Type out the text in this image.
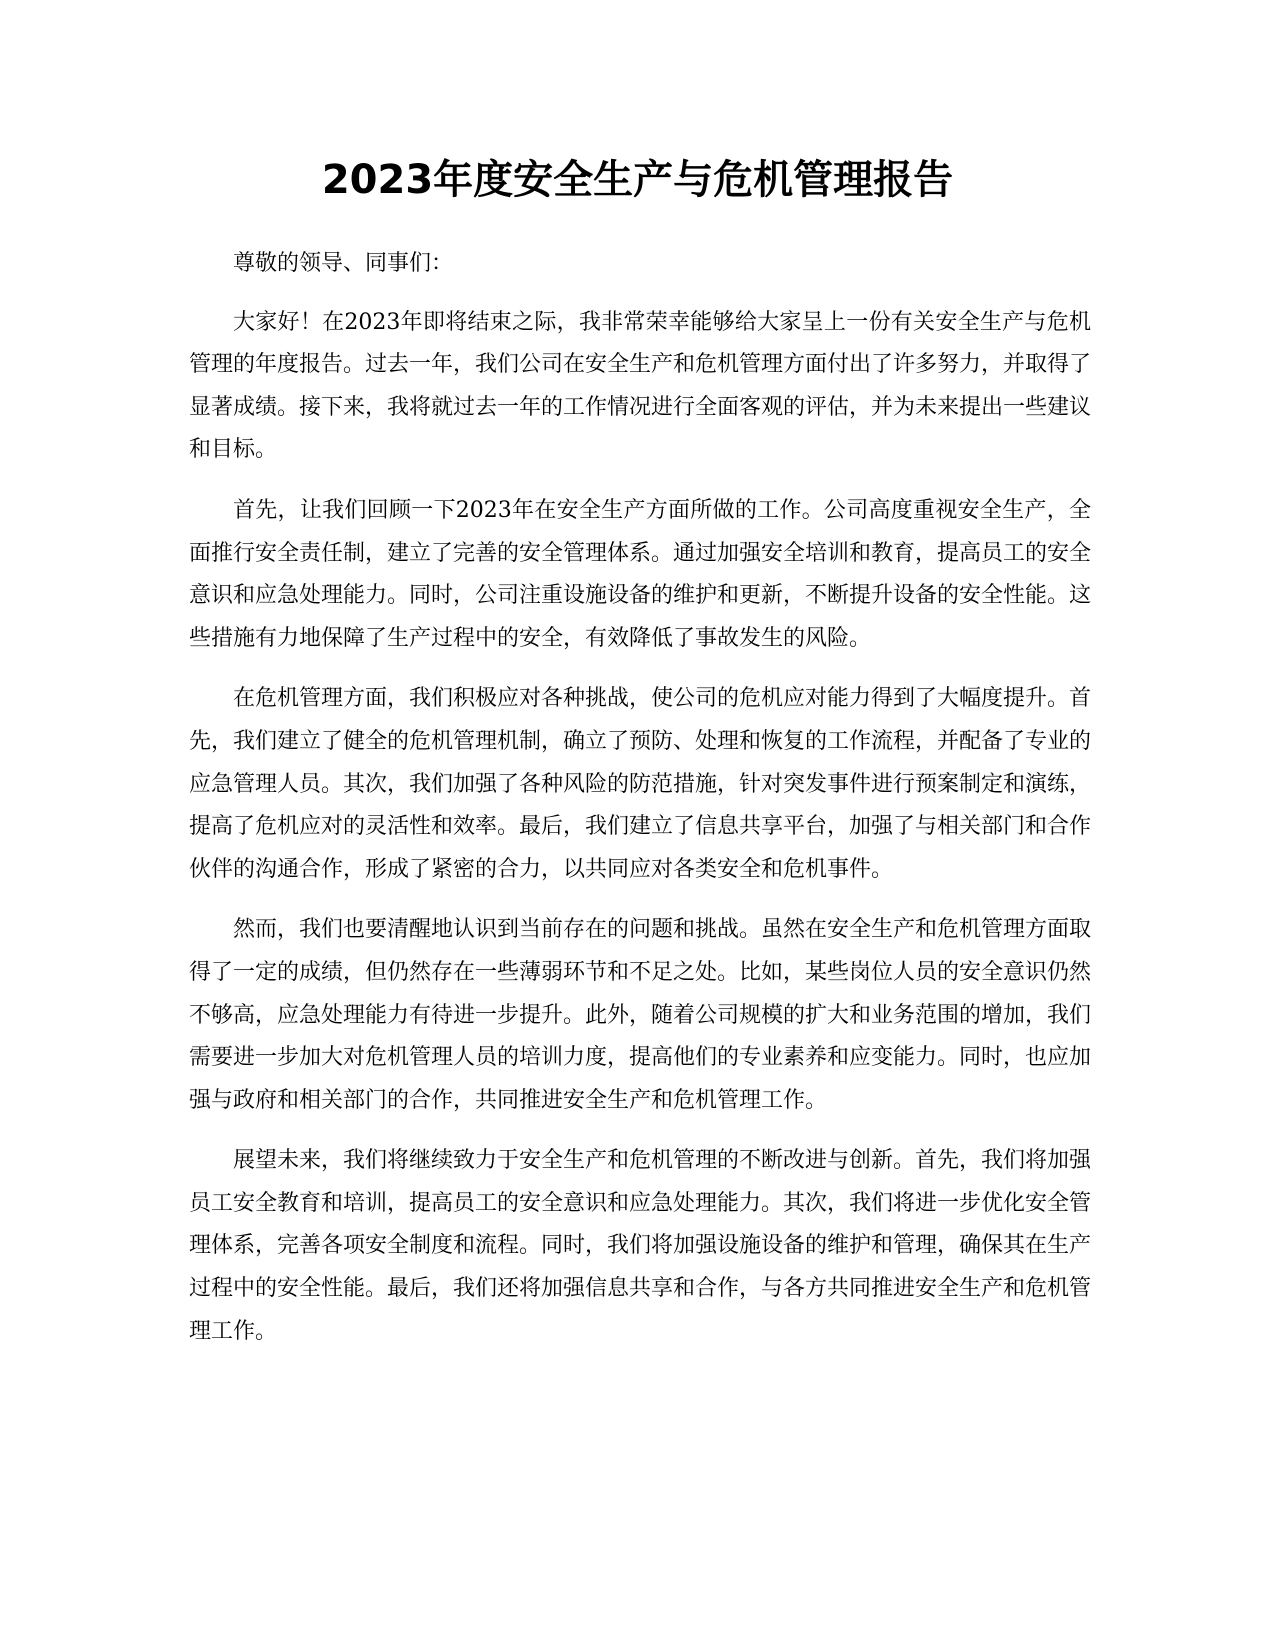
2023年度安全生产与危机管理报告

尊敬的领导、同事们：

大家好！在2023年即将结束之际，我非常荣幸能够给大家呈上一份有关安全生产与危机管理的年度报告。过去一年，我们公司在安全生产和危机管理方面付出了许多努力，并取得了显著成绩。接下来，我将就过去一年的工作情况进行全面客观的评估，并为未来提出一些建议和目标。

首先，让我们回顾一下2023年在安全生产方面所做的工作。公司高度重视安全生产，全面推行安全责任制，建立了完善的安全管理体系。通过加强安全培训和教育，提高员工的安全意识和应急处理能力。同时，公司注重设施设备的维护和更新，不断提升设备的安全性能。这些措施有力地保障了生产过程中的安全，有效降低了事故发生的风险。

在危机管理方面，我们积极应对各种挑战，使公司的危机应对能力得到了大幅度提升。首先，我们建立了健全的危机管理机制，确立了预防、处理和恢复的工作流程，并配备了专业的应急管理人员。其次，我们加强了各种风险的防范措施，针对突发事件进行预案制定和演练，提高了危机应对的灵活性和效率。最后，我们建立了信息共享平台，加强了与相关部门和合作伙伴的沟通合作，形成了紧密的合力，以共同应对各类安全和危机事件。

然而，我们也要清醒地认识到当前存在的问题和挑战。虽然在安全生产和危机管理方面取得了一定的成绩，但仍然存在一些薄弱环节和不足之处。比如，某些岗位人员的安全意识仍然不够高，应急处理能力有待进一步提升。此外，随着公司规模的扩大和业务范围的增加，我们需要进一步加大对危机管理人员的培训力度，提高他们的专业素养和应变能力。同时，也应加强与政府和相关部门的合作，共同推进安全生产和危机管理工作。

展望未来，我们将继续致力于安全生产和危机管理的不断改进与创新。首先，我们将加强员工安全教育和培训，提高员工的安全意识和应急处理能力。其次，我们将进一步优化安全管理体系，完善各项安全制度和流程。同时，我们将加强设施设备的维护和管理，确保其在生产过程中的安全性能。最后，我们还将加强信息共享和合作，与各方共同推进安全生产和危机管理工作。
